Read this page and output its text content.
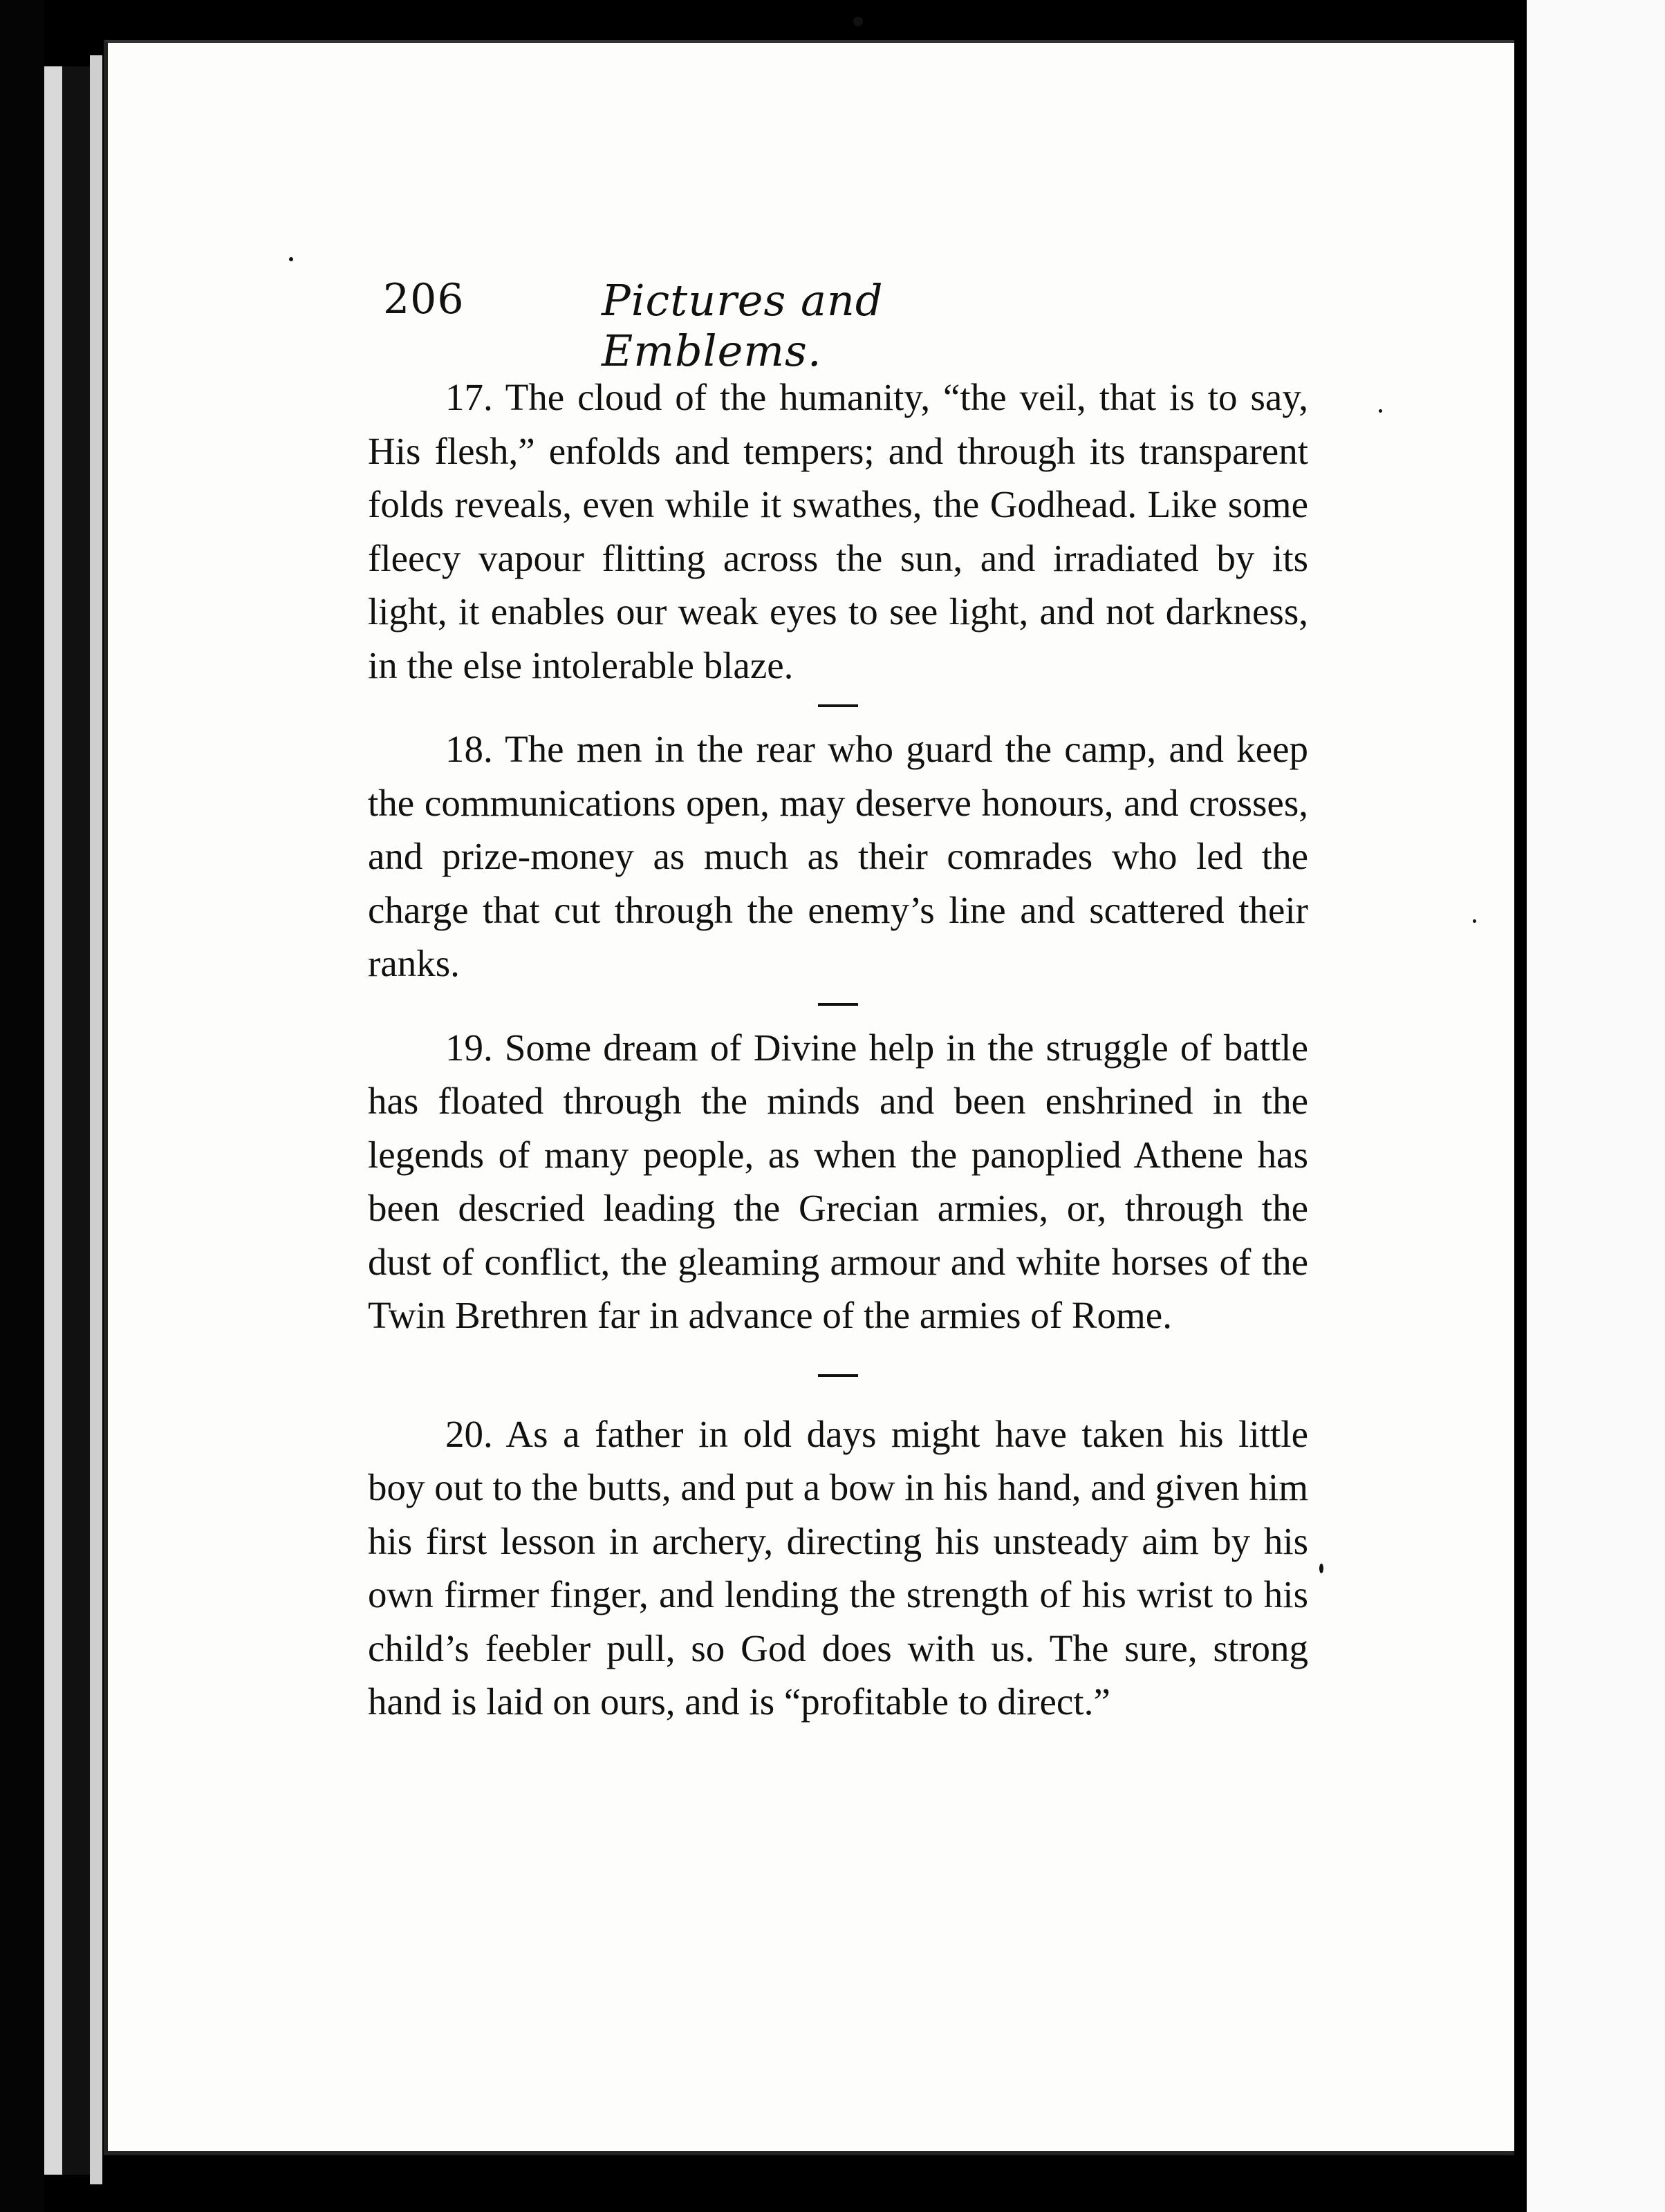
206	Pictures and Emblems.

17. The cloud of the humanity, “the veil, that is to say, His flesh,” enfolds and tempers; and through its transparent folds reveals, even while it swathes, the Godhead. Like some fleecy vapour flitting across the sun, and irradiated by its light, it enables our weak eyes to see light, and not darkness, in the else intolerable blaze.

18. The men in the rear who guard the camp, and keep the communications open, may deserve honours, and crosses, and prize-money as much as their comrades who led the charge that cut through the enemy’s line and scattered their ranks.

19. Some dream of Divine help in the struggle of battle has floated through the minds and been enshrined in the legends of many people, as when the panoplied Athene has been descried leading the Grecian armies, or, through the dust of conflict, the gleaming armour and white horses of the Twin Brethren far in advance of the armies of Rome.

20. As a father in old days might have taken his little boy out to the butts, and put a bow in his hand, and given him his first lesson in archery, directing his unsteady aim by his own firmer finger, and lending the strength of his wrist to his child’s feebler pull, so God does with us. The sure, strong hand is laid on ours, and is “profitable to direct.”
